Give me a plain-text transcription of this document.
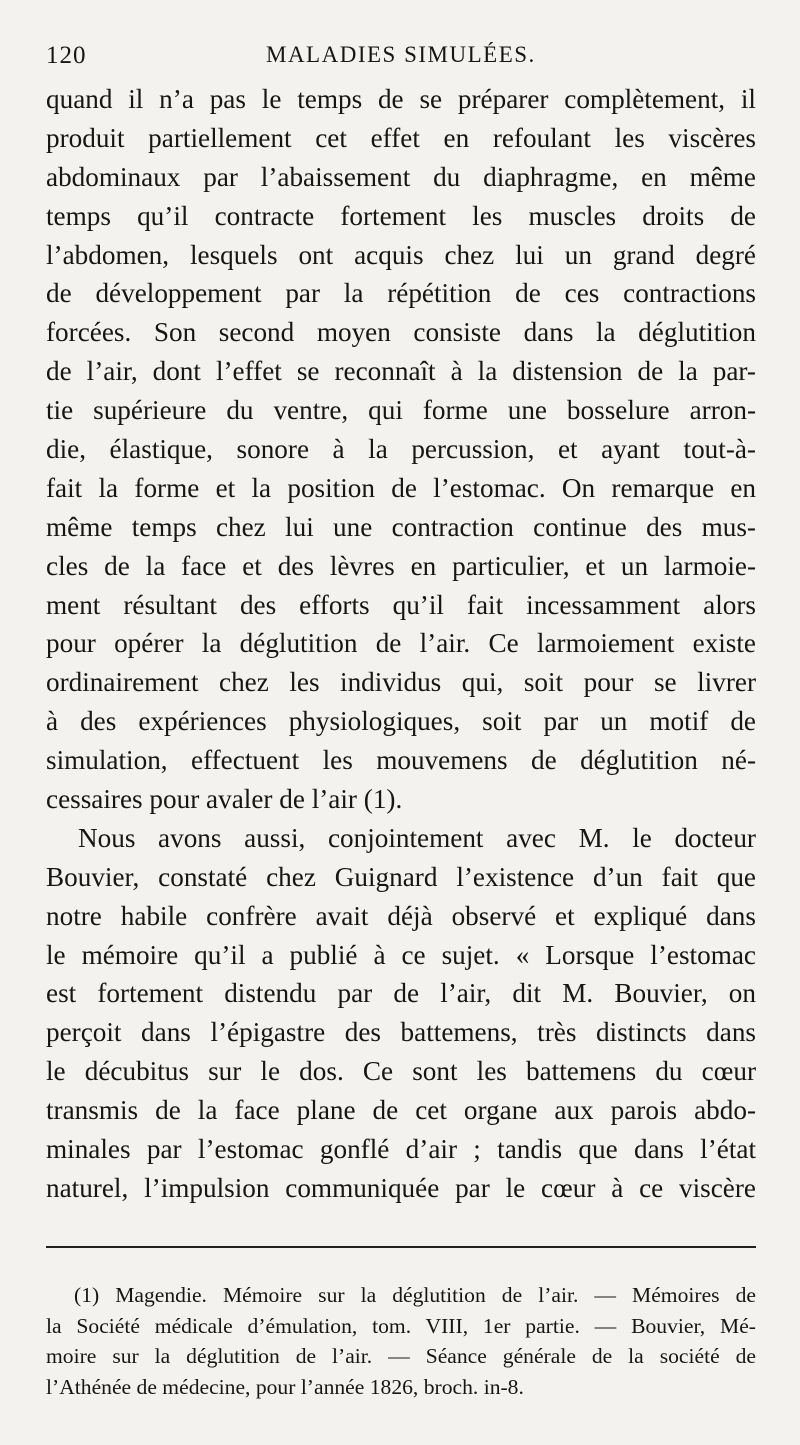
120	MALADIES SIMULÉES.
quand il n’a pas le temps de se préparer complètement, il
produit partiellement cet effet en refoulant les viscères
abdominaux par l’abaissement du diaphragme, en même
temps qu’il contracte fortement les muscles droits de
l’abdomen, lesquels ont acquis chez lui un grand degré
de développement par la répétition de ces contractions
forcées. Son second moyen consiste dans la déglutition
de l’air, dont l’effet se reconnaît à la distension de la par-
tie supérieure du ventre, qui forme une bosselure arron-
die, élastique, sonore à la percussion, et ayant tout-à-
fait la forme et la position de l’estomac. On remarque en
même temps chez lui une contraction continue des mus-
cles de la face et des lèvres en particulier, et un larmoie-
ment résultant des efforts qu’il fait incessamment alors
pour opérer la déglutition de l’air. Ce larmoiement existe
ordinairement chez les individus qui, soit pour se livrer
à des expériences physiologiques, soit par un motif de
simulation, effectuent les mouvemens de déglutition né-
cessaires pour avaler de l’air (1).
Nous avons aussi, conjointement avec M. le docteur
Bouvier, constaté chez Guignard l’existence d’un fait que
notre habile confrère avait déjà observé et expliqué dans
le mémoire qu’il a publié à ce sujet. « Lorsque l’estomac
est fortement distendu par de l’air, dit M. Bouvier, on
perçoit dans l’épigastre des battemens, très distincts dans
le décubitus sur le dos. Ce sont les battemens du cœur
transmis de la face plane de cet organe aux parois abdo-
minales par l’estomac gonflé d’air ; tandis que dans l’état
naturel, l’impulsion communiquée par le cœur à ce viscère
(1) Magendie. Mémoire sur la déglutition de l’air. — Mémoires de
la Société médicale d’émulation, tom. VIII, 1er partie. — Bouvier, Mé-
moire sur la déglutition de l’air. — Séance générale de la société de
l’Athénée de médecine, pour l’année 1826, broch. in-8.
